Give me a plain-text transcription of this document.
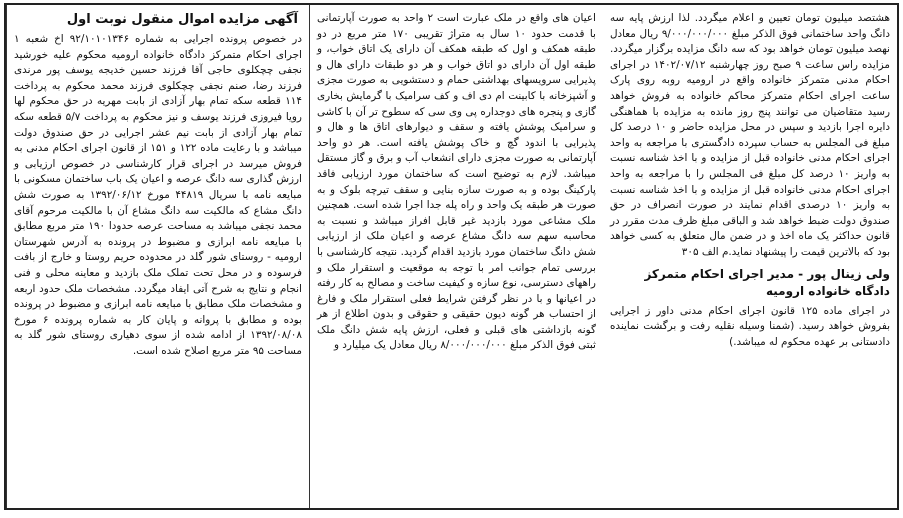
آگهی مزایده اموال منقول نوبت اول

در خصوص پرونده اجرایی به شماره ۹۲/۱۰۱۰۱۳۴۶ اخ شعبه ۱ اجرای احکام متمرکز دادگاه خانواده ارومیه محکوم علیه خورشید نجفی چچکلوی حاجی آقا فرزند حسین خدیجه یوسف پور مرندی فرزند رضا، صنم نجفی چچکلوی فرزند محمد محکوم به پرداخت ۱۱۴ قطعه سکه تمام بهار آزادی از بابت مهریه در حق محکوم لها رویا فیروزی فرزند یوسف و نیز محکوم به پرداخت ۵/۷ قطعه سکه تمام بهار آزادی از بابت نیم عشر اجرایی در حق صندوق دولت میباشد و با رعایت ماده ۱۲۲ و ۱۵۱ از قانون اجرای احکام مدنی به فروش میرسد در اجرای قرار کارشناسی در خصوص ارزیابی و ارزش گذاری سه دانگ عرصه و اعیان یک باب ساختمان مسکونی با مبایعه نامه با سریال ۴۴۸۱۹ مورخ ۱۳۹۲/۰۶/۱۲ به صورت شش دانگ مشاع که مالکیت سه دانگ مشاع آن با مالکیت مرحوم آقای محمد نجفی میباشد به مساحت عرصه حدودا ۱۹۰ متر مربع مطابق با مبایعه نامه ابرازی و مضبوط در پرونده به آدرس شهرستان ارومیه - روستای شور گلد در محدوده حریم روستا و خارج از بافت فرسوده و در محل تحت تملک ملک بازدید و معاینه محلی و فنی انجام و نتایج به شرح آتی ایفاد میگردد. مشخصات ملک حدود اربعه و مشخصات ملک مطابق با مبایعه نامه ابرازی و مضبوط در پرونده بوده و مطابق با پروانه و پایان کار به شماره پرونده ۶ مورخ ۱۳۹۲/۰۸/۰۸ از ادامه شده از سوی دهیاری روستای شور گلد به مساحت ۹۵ متر مربع اصلاح شده است.

اعیان های واقع در ملک عبارت است ۲ واحد به صورت آپارتمانی با قدمت حدود ۱۰ سال به متراژ تقریبی ۱۷۰ متر مربع در دو طبقه همکف و اول که طبقه همکف آن دارای یک اتاق خواب، و طبقه اول آن دارای دو اتاق خواب و هر دو طبقات دارای هال و پذیرایی سرویسهای بهداشتی حمام و دستشویی به صورت مجزی و آشپزخانه با کابینت ام دی اف و کف سرامیک با گرمایش بخاری گازی و پنجره های دوجداره پی وی سی که سطوح تر آن با کاشی و سرامیک پوشش یافته و سقف و دیوارهای اتاق ها و هال و پذیرایی با اندود گچ و خاک پوشش یافته است. هر دو واحد آپارتمانی به صورت مجزی دارای انشعاب آب و برق و گاز مستقل میباشد. لازم به توضیح است که ساختمان مورد ارزیابی فاقد پارکینگ بوده و به صورت سازه بنایی و سقف تیرچه بلوک و به صورت هر طبقه یک واحد و راه پله جدا اجرا شده است. همچنین ملک مشاعی مورد بازدید غیر قابل افراز میباشد و نسبت به محاسبه سهم سه دانگ مشاع عرصه و اعیان ملک از ارزیابی شش دانگ ساختمان مورد بازدید اقدام گردید. نتیجه کارشناسی با بررسی تمام جوانب امر با توجه به موقعیت و استقرار ملک و راههای دسترسی، نوع سازه و کیفیت ساخت و مصالح به کار رفته در اعیانها و با در نظر گرفتن شرایط فعلی استقرار ملک و فارغ از احتساب هر گونه دیون حقیقی و حقوقی و بدون اطلاع از هر گونه بازداشتی های قبلی و فعلی، ارزش پایه شش دانگ ملک ثبتی فوق الذکر مبلغ ۸/۰۰۰/۰۰۰/۰۰۰ ریال معادل یک میلیارد و

هشتصد میلیون تومان تعیین و اعلام میگردد. لذا ارزش پایه سه دانگ واحد ساختمانی فوق الذکر مبلغ ۹/۰۰۰/۰۰۰/۰۰۰ ریال معادل نهصد میلیون تومان خواهد بود که سه دانگ مزایده برگزار میگردد. مزایده راس ساعت ۹ صبح روز چهارشنبه ۱۴۰۲/۰۷/۱۲ در اجرای احکام مدنی متمرکز خانواده واقع در ارومیه روبه روی پارک ساعت اجرای احکام متمرکز محاکم خانواده به فروش خواهد رسید متقاضیان می توانند پنج روز مانده به مزایده با هماهنگی دایره اجرا بازدید و سپس در محل مزایده حاضر و ۱۰ درصد کل مبلغ فی المجلس به حساب سپرده دادگستری با مراجعه به واحد اجرای احکام مدنی خانواده قبل از مزایده و با اخذ شناسه نسبت به واریز ۱۰ درصد کل مبلغ فی المجلس را با مراجعه به واحد اجرای احکام مدنی خانواده قبل از مزایده و با اخذ شناسه نسبت به واریز ۱۰ درصدی اقدام نمایند در صورت انصراف در حق صندوق دولت ضبط خواهد شد و الباقی مبلغ ظرف مدت مقرر در قانون حداکثر یک ماه اخذ و در ضمن مال متعلق به کسی خواهد بود که بالاترین قیمت را پیشنهاد نماید.م الف ۳۰۵

ولی زینال پور - مدیر اجرای احکام متمرکز دادگاه خانواده ارومیه

در اجرای ماده ۱۲۵ قانون اجرای احکام مدنی داور ز اجرایی بفروش خواهد رسید. (شمنا وسیله نقلیه رفت و برگشت نماینده دادستانی بر عهده محکوم له میباشد.)
